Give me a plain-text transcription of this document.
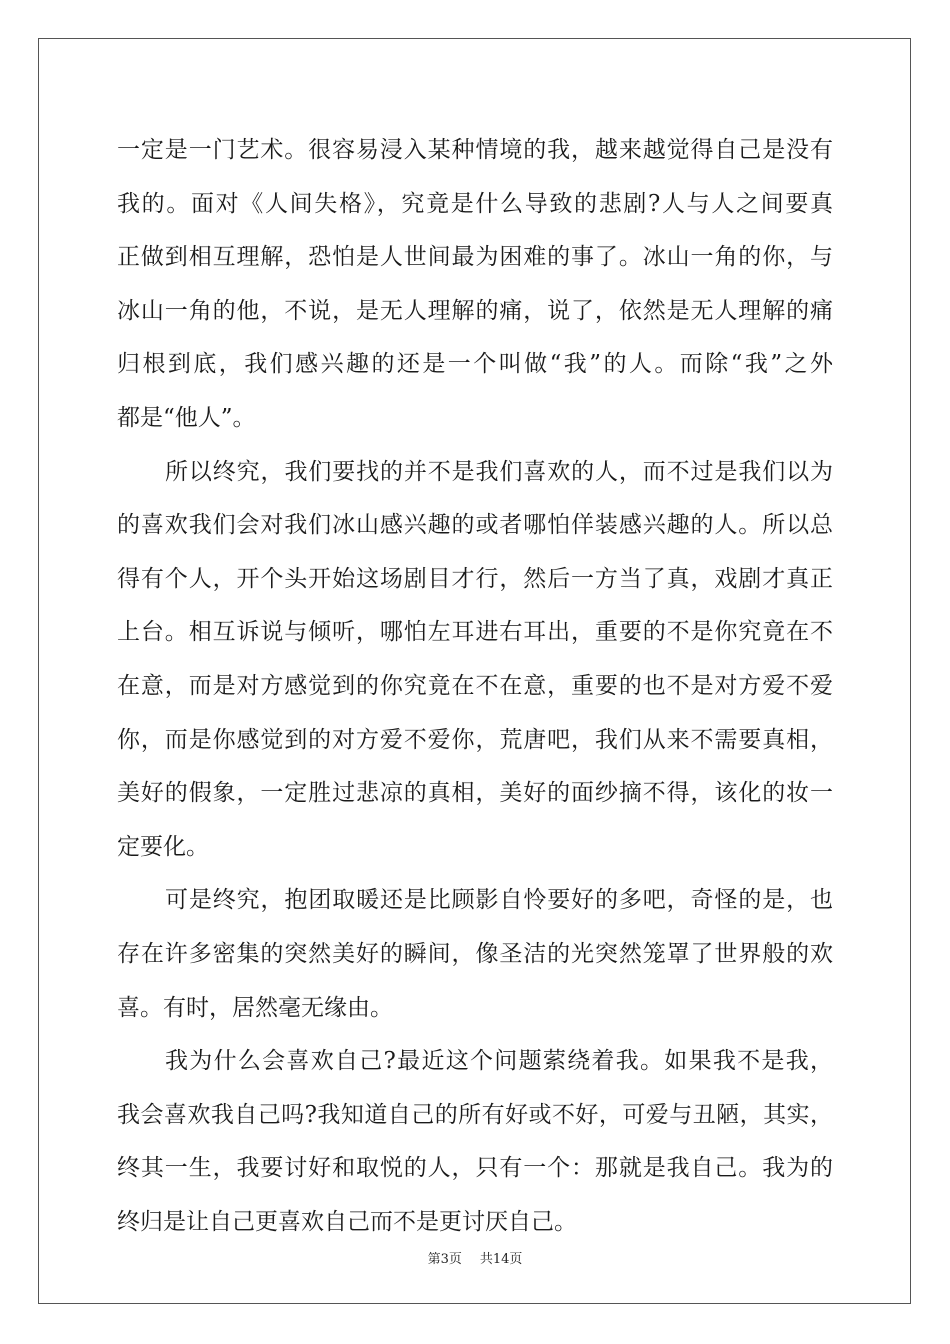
一定是一门艺术。很容易浸入某种情境的我，越来越觉得自己是没有
我的。面对《人间失格》，究竟是什么导致的悲剧?人与人之间要真
正做到相互理解，恐怕是人世间最为困难的事了。冰山一角的你，与
冰山一角的他，不说，是无人理解的痛，说了，依然是无人理解的痛
归根到底，我们感兴趣的还是一个叫做“我”的人。而除“我”之外
都是“他人”。
所以终究，我们要找的并不是我们喜欢的人，而不过是我们以为
的喜欢我们会对我们冰山感兴趣的或者哪怕佯装感兴趣的人。所以总
得有个人，开个头开始这场剧目才行，然后一方当了真，戏剧才真正
上台。相互诉说与倾听，哪怕左耳进右耳出，重要的不是你究竟在不
在意，而是对方感觉到的你究竟在不在意，重要的也不是对方爱不爱
你，而是你感觉到的对方爱不爱你，荒唐吧，我们从来不需要真相，
美好的假象，一定胜过悲凉的真相，美好的面纱摘不得，该化的妆一
定要化。
可是终究，抱团取暖还是比顾影自怜要好的多吧，奇怪的是，也
存在许多密集的突然美好的瞬间，像圣洁的光突然笼罩了世界般的欢
喜。有时，居然毫无缘由。
我为什么会喜欢自己?最近这个问题萦绕着我。如果我不是我，
我会喜欢我自己吗?我知道自己的所有好或不好，可爱与丑陋，其实，
终其一生，我要讨好和取悦的人，只有一个：那就是我自己。我为的
终归是让自己更喜欢自己而不是更讨厌自己。
第3页 共14页
